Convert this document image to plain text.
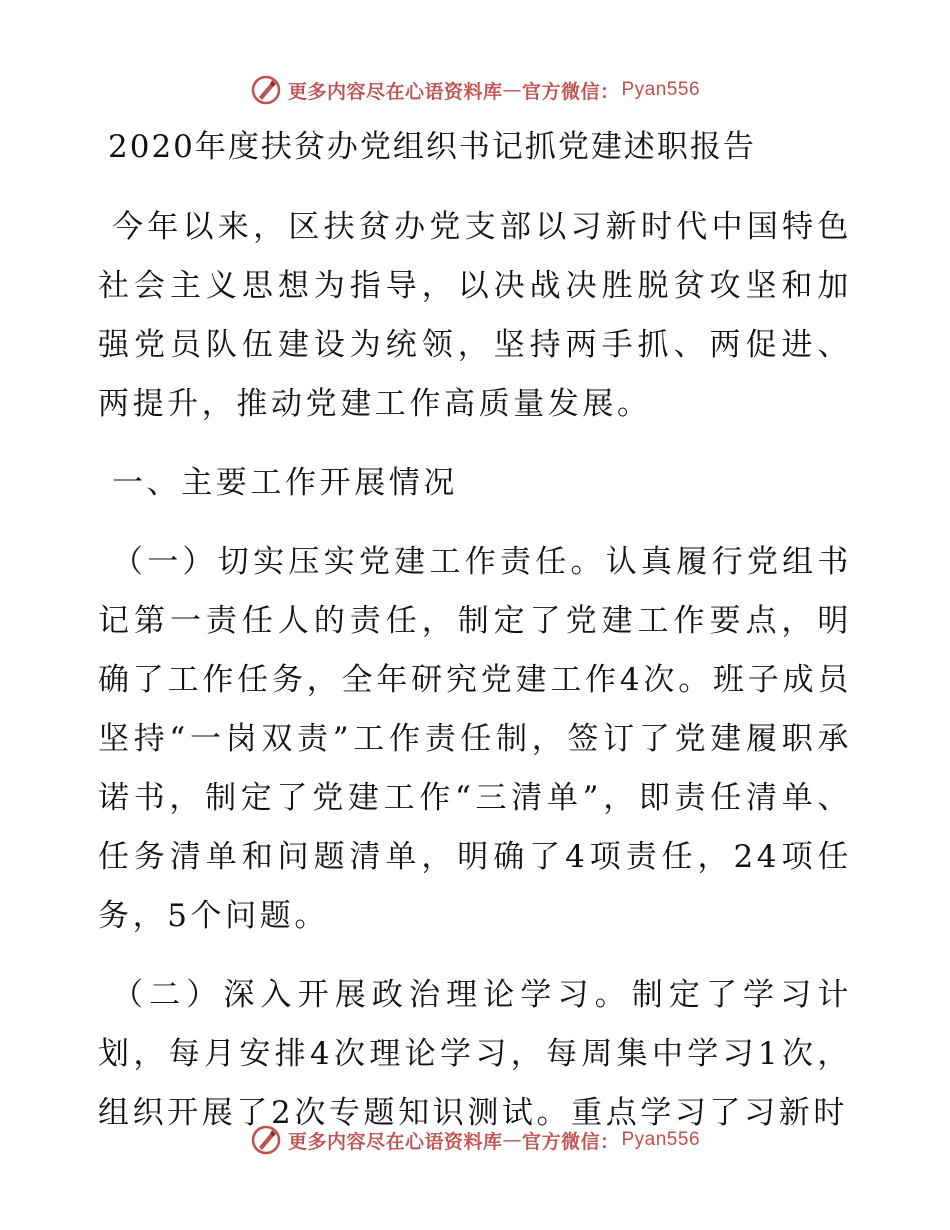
更多内容尽在心语资料库 — 官方微信： Pyan556
2020年度扶贫办党组织书记抓党建述职报告

今年以来，区扶贫办党支部以习新时代中国特色社会主义思想为指导，以决战决胜脱贫攻坚和加强党员队伍建设为统领，坚持两手抓、两促进、两提升，推动党建工作高质量发展。

一、主要工作开展情况

（一）切实压实党建工作责任。认真履行党组书记第一责任人的责任，制定了党建工作要点，明确了工作任务，全年研究党建工作4次。班子成员坚持“一岗双责”工作责任制，签订了党建履职承诺书，制定了党建工作“三清单”，即责任清单、任务清单和问题清单，明确了4项责任，24项任务，5个问题。

（二）深入开展政治理论学习。制定了学习计划，每月安排4次理论学习，每周集中学习1次，组织开展了2次专题知识测试。重点学习了习新时

更多内容尽在心语资料库 — 官方微信： Pyan556
